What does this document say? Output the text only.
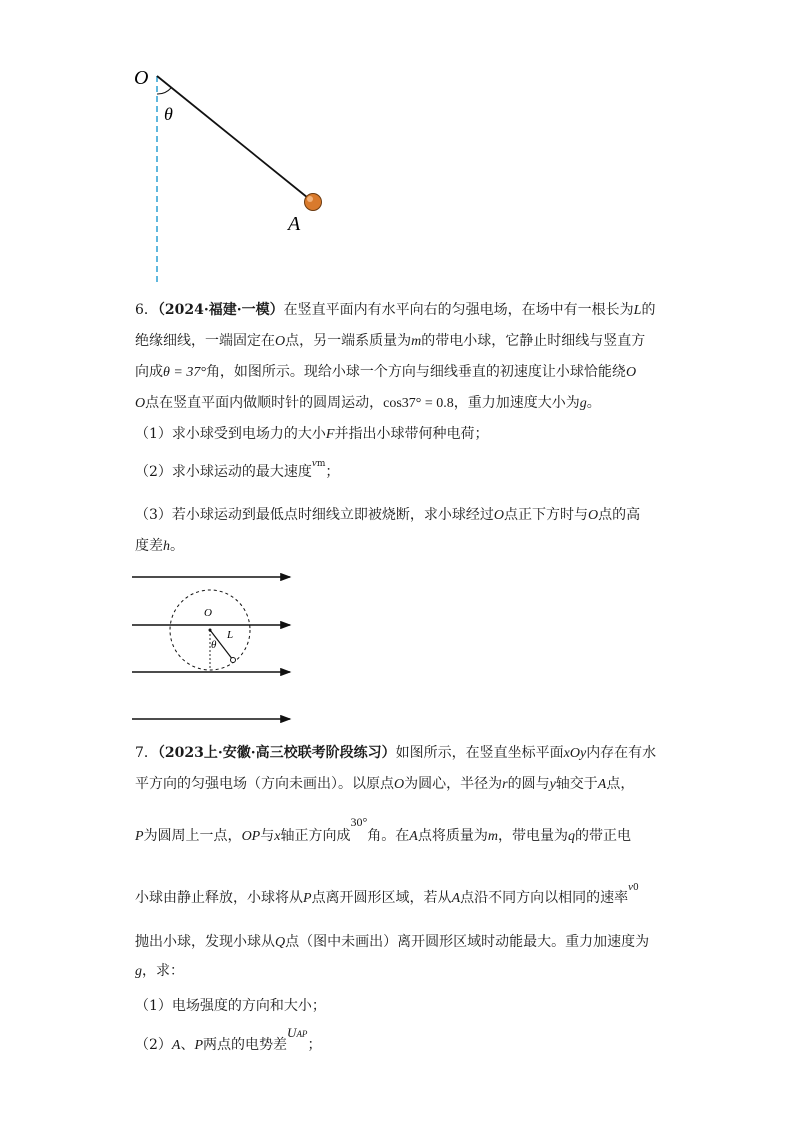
O
θ
A
6．（2024·福建·一模）在竖直平面内有水平向右的匀强电场，在场中有一根长为L的
绝缘细线，一端固定在O点，另一端系质量为m的带电小球，它静止时细线与竖直方
向成θ = 37°角，如图所示。现给小球一个方向与细线垂直的初速度让小球恰能绕O
O点在竖直平面内做顺时针的圆周运动，cos37° = 0.8，重力加速度大小为g。
（1）求小球受到电场力的大小F并指出小球带何种电荷；
（2）求小球运动的最大速度vm；
（3）若小球运动到最低点时细线立即被烧断，求小球经过O点正下方时与O点的高
度差h。
O
L
θ
7．（2023上·安徽·高三校联考阶段练习）如图所示，在竖直坐标平面xOy内存在有水
平方向的匀强电场（方向未画出）。以原点O为圆心，半径为r的圆与y轴交于A点，
P为圆周上一点，OP与x轴正方向成30°角。在A点将质量为m，带电量为q的带正电
小球由静止释放，小球将从P点离开圆形区域，若从A点沿不同方向以相同的速率v0
抛出小球，发现小球从Q点（图中未画出）离开圆形区域时动能最大。重力加速度为
g，求：
（1）电场强度的方向和大小；
（2）A、P两点的电势差UAP；
